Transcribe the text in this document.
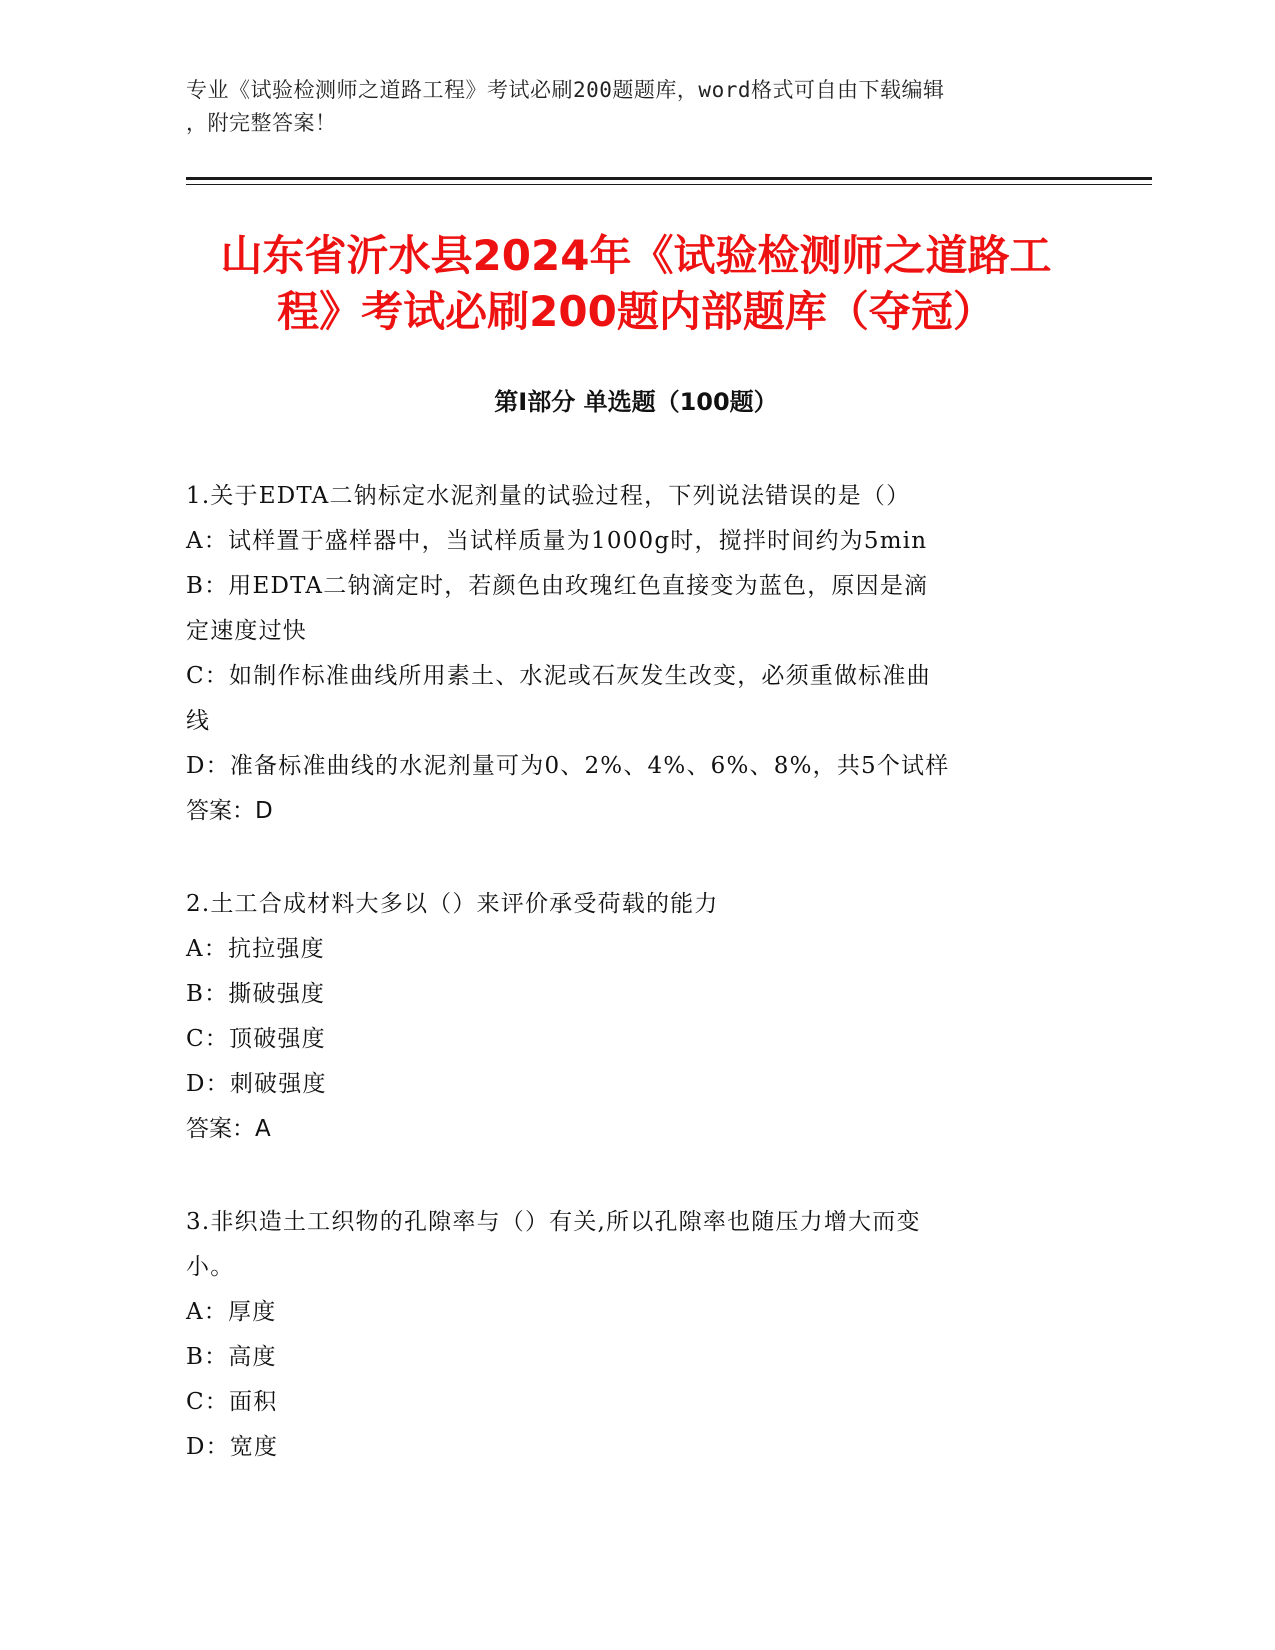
专业《试验检测师之道路工程》考试必刷200题题库，word格式可自由下载编辑
，附完整答案！
山东省沂水县2024年《试验检测师之道路工
程》考试必刷200题内部题库（夺冠）
第Ⅰ部分 单选题（100题）

1.关于EDTA二钠标定水泥剂量的试验过程，下列说法错误的是（）

A：试样置于盛样器中，当试样质量为1000g时，搅拌时间约为5min

B：用EDTA二钠滴定时，若颜色由玫瑰红色直接变为蓝色，原因是滴

定速度过快

C：如制作标准曲线所用素土、水泥或石灰发生改变，必须重做标准曲

线

D：准备标准曲线的水泥剂量可为0、2%、4%、6%、8%，共5个试样

答案：D

2.土工合成材料大多以（）来评价承受荷载的能力

A：抗拉强度

B：撕破强度

C：顶破强度

D：刺破强度

答案：A

3.非织造土工织物的孔隙率与（）有关,所以孔隙率也随压力增大而变

小。

A：厚度

B：高度

C：面积

D：宽度
